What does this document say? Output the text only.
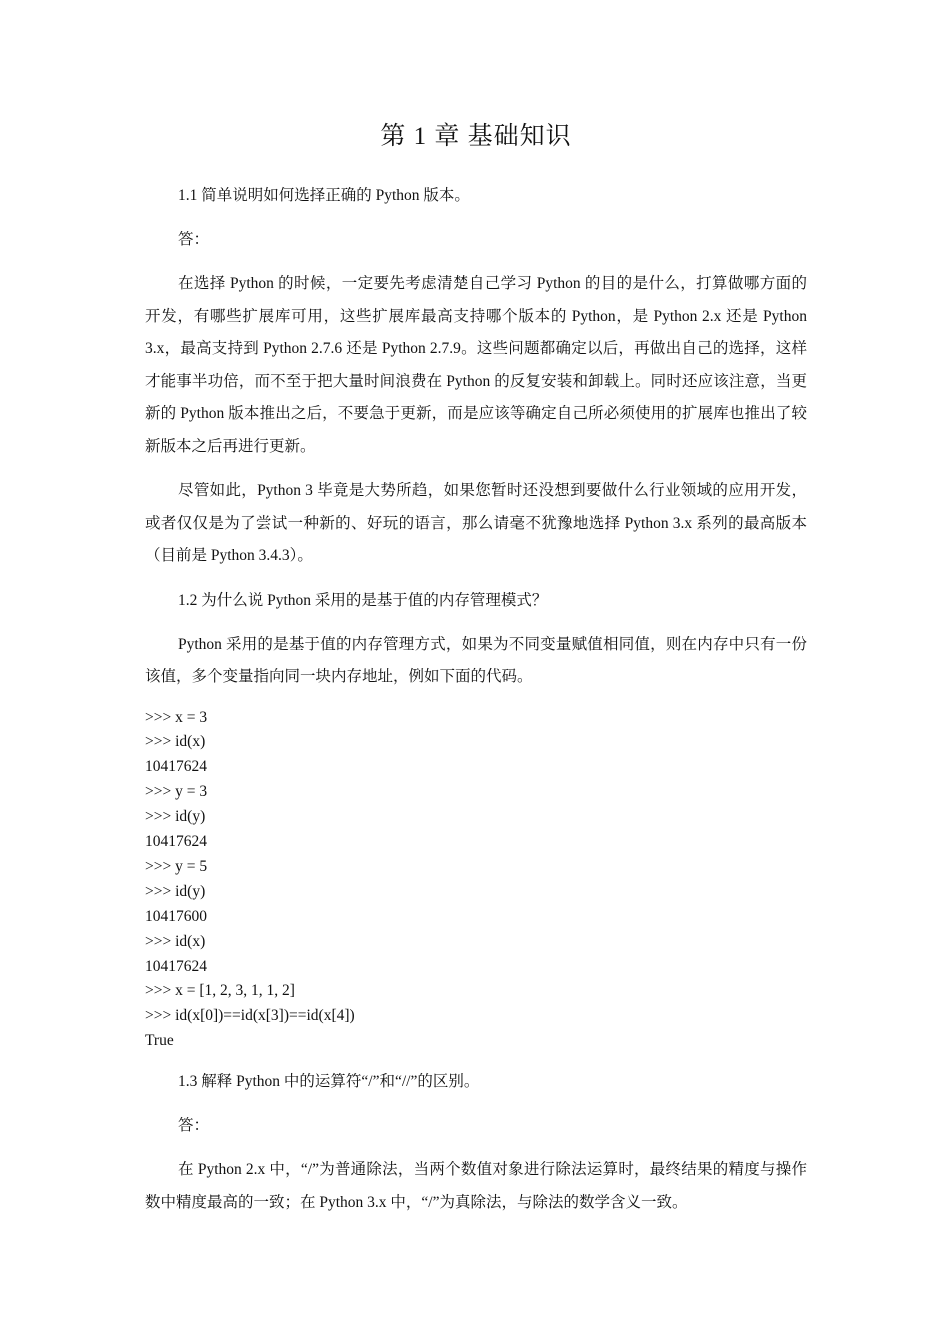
第 1 章 基础知识

1.1 简单说明如何选择正确的 Python 版本。

答：

在选择 Python 的时候，一定要先考虑清楚自己学习 Python 的目的是什么，打算做哪方面的开发，有哪些扩展库可用，这些扩展库最高支持哪个版本的 Python，是 Python 2.x 还是 Python 3.x，最高支持到 Python 2.7.6 还是 Python 2.7.9。这些问题都确定以后，再做出自己的选择，这样才能事半功倍，而不至于把大量时间浪费在 Python 的反复安装和卸载上。同时还应该注意，当更新的 Python 版本推出之后，不要急于更新，而是应该等确定自己所必须使用的扩展库也推出了较新版本之后再进行更新。

尽管如此，Python 3 毕竟是大势所趋，如果您暂时还没想到要做什么行业领域的应用开发，或者仅仅是为了尝试一种新的、好玩的语言，那么请毫不犹豫地选择 Python 3.x 系列的最高版本（目前是 Python 3.4.3）。

1.2 为什么说 Python 采用的是基于值的内存管理模式？

Python 采用的是基于值的内存管理方式，如果为不同变量赋值相同值，则在内存中只有一份该值，多个变量指向同一块内存地址，例如下面的代码。

>>> x = 3
>>> id(x)
10417624
>>> y = 3
>>> id(y)
10417624
>>> y = 5
>>> id(y)
10417600
>>> id(x)
10417624
>>> x = [1, 2, 3, 1, 1, 2]
>>> id(x[0])==id(x[3])==id(x[4])
True

1.3 解释 Python 中的运算符“/”和“//”的区别。

答：

在 Python 2.x 中，“/”为普通除法，当两个数值对象进行除法运算时，最终结果的精度与操作数中精度最高的一致；在 Python 3.x 中，“/”为真除法，与除法的数学含义一致。
